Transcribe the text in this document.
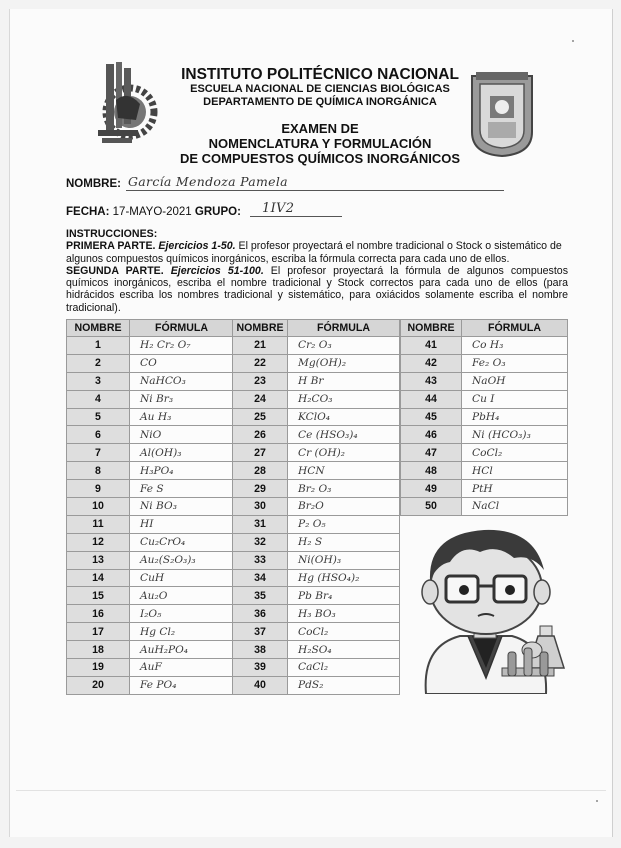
INSTITUTO POLITÉCNICO NACIONAL
ESCUELA NACIONAL DE CIENCIAS BIOLÓGICAS
DEPARTAMENTO DE QUÍMICA INORGÁNICA
EXAMEN DE
NOMENCLATURA Y FORMULACIÓN
DE COMPUESTOS QUÍMICOS INORGÁNICOS
NOMBRE: García Mendoza Pamela
FECHA: 17-MAYO-2021 GRUPO: 1IV2
INSTRUCCIONES:
PRIMERA PARTE. Ejercicios 1-50. El profesor proyectará el nombre tradicional o Stock o sistemático de algunos compuestos químicos inorgánicos, escriba la fórmula correcta para cada uno de ellos.
SEGUNDA PARTE. Ejercicios 51-100. El profesor proyectará la fórmula de algunos compuestos químicos inorgánicos, escriba el nombre tradicional y Stock correctos para cada uno de ellos (para hidrácidos escriba los nombres tradicional y sistemático, para oxiácidos solamente escriba el nombre tradicional).
NOMBRE	FÓRMULA
1	H₂ Cr₂ O₇
2	CO
3	NaHCO₃
4	Ni Br₃
5	Au H₃
6	NiO
7	Al(OH)₃
8	H₃PO₄
9	Fe S
10	Ni BO₃
11	HI
12	Cu₂CrO₄
13	Au₂(S₂O₃)₃
14	CuH
15	Au₂O
16	I₂O₅
17	Hg Cl₂
18	AuH₂PO₄
19	AuF
20	Fe PO₄
NOMBRE	FÓRMULA
21	Cr₂ O₃
22	Mg(OH)₂
23	H Br
24	H₂CO₃
25	KClO₄
26	Ce (HSO₃)₄
27	Cr (OH)₂
28	HCN
29	Br₂ O₃
30	Br₂O
31	P₂ O₅
32	H₂ S
33	Ni(OH)₃
34	Hg (HSO₄)₂
35	Pb Br₄
36	H₃ BO₃
37	CoCl₂
38	H₂SO₄
39	CaCl₂
40	PdS₂
NOMBRE	FÓRMULA
41	Co H₃
42	Fe₂ O₃
43	NaOH
44	Cu I
45	PbH₄
46	Ni (HCO₃)₃
47	CoCl₂
48	HCl
49	PtH
50	NaCl
